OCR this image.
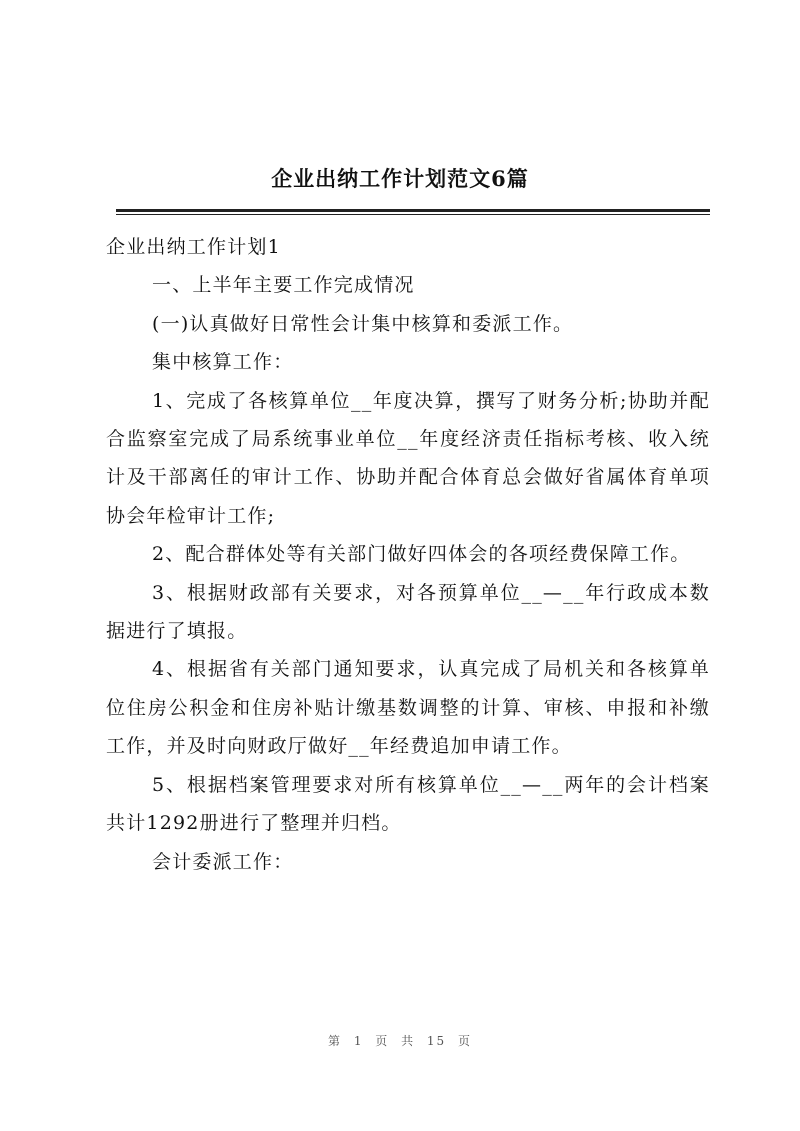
企业出纳工作计划范文6篇

企业出纳工作计划1

一、上半年主要工作完成情况

(一)认真做好日常性会计集中核算和委派工作。

集中核算工作：

1、完成了各核算单位__年度决算，撰写了财务分析;协助并配合监察室完成了局系统事业单位__年度经济责任指标考核、收入统计及干部离任的审计工作、协助并配合体育总会做好省属体育单项协会年检审计工作;

2、配合群体处等有关部门做好四体会的各项经费保障工作。

3、根据财政部有关要求，对各预算单位__—__年行政成本数据进行了填报。

4、根据省有关部门通知要求，认真完成了局机关和各核算单位住房公积金和住房补贴计缴基数调整的计算、审核、申报和补缴工作，并及时向财政厅做好__年经费追加申请工作。

5、根据档案管理要求对所有核算单位__—__两年的会计档案共计1292册进行了整理并归档。

会计委派工作：

第 1 页 共 15 页
